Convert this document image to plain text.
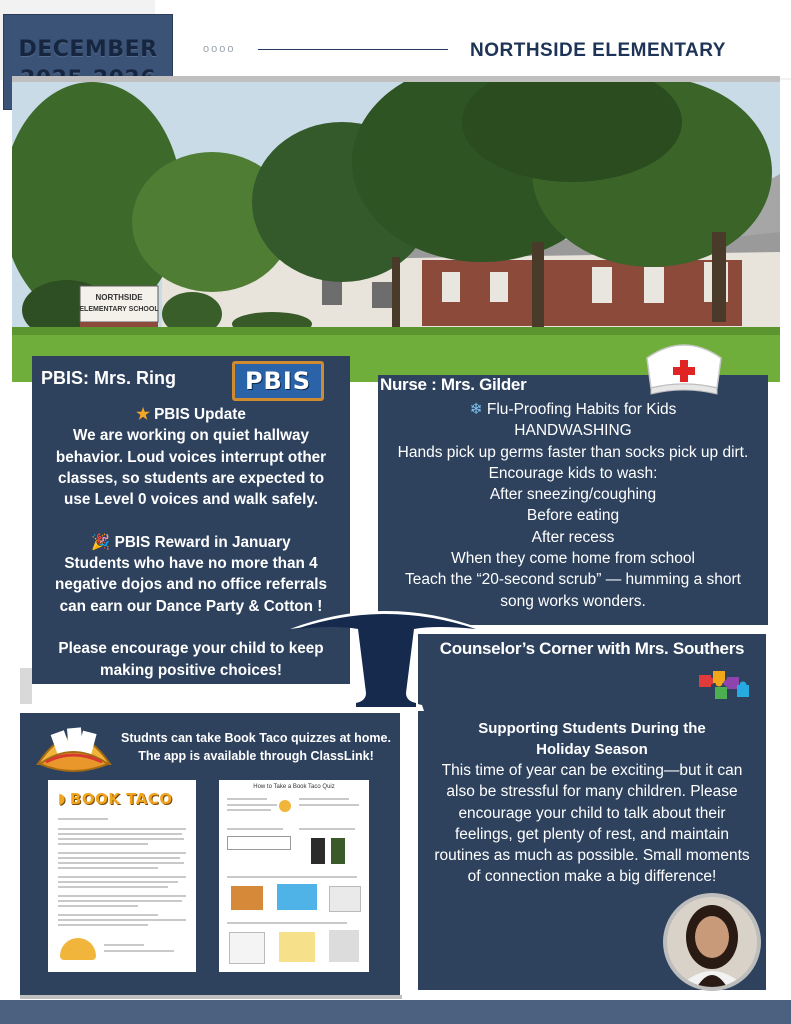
DECEMBER	oooo	NORTHSIDE ELEMENTARY
NORTHSIDE
ELEMENTARY SCHOOL
PBIS: Mrs. Ring	PBIS

★ PBIS Update

We are working on quiet hallway behavior. Loud voices interrupt other classes, so students are expected to use Level 0 voices and walk safely.

🎉 PBIS Reward in January

Students who have no more than 4 negative dojos and no office referrals can earn our Dance Party & Cotton !

Please encourage your child to keep making positive choices!

Nurse : Mrs. Gilder

❄ Flu-Proofing Habits for Kids

HANDWASHING

Hands pick up germs faster than socks pick up dirt.

Encourage kids to wash:

After sneezing/coughing

Before eating

After recess

When they come home from school

Teach the “20-second scrub” — humming a short song works wonders.

Counselor’s Corner with Mrs. Southers
Supporting Students During the Holiday Season
This time of year can be exciting—but it can also be stressful for many children. Please encourage your child to talk about their feelings, get plenty of rest, and maintain routines as much as possible. Small moments of connection make a big difference!
Studnts can take Book Taco quizzes at home.
The app is available through ClassLink!
◗ BOOK TACO
How to Take a Book Taco Quiz
